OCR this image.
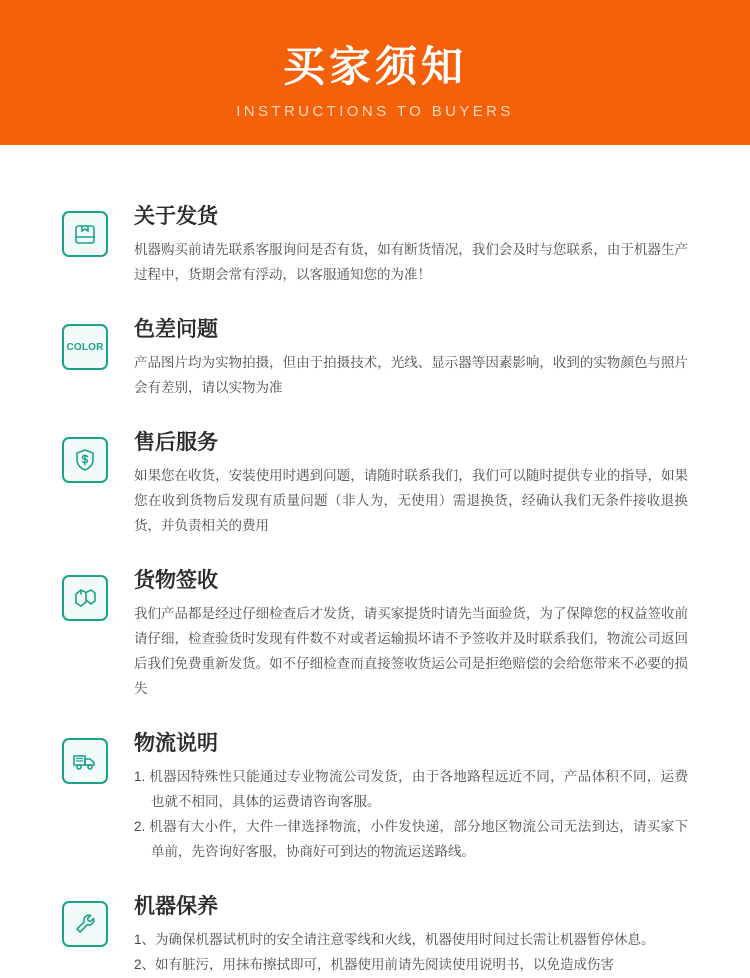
买家须知
INSTRUCTIONS TO BUYERS
关于发货
机器购买前请先联系客服询问是否有货，如有断货情况，我们会及时与您联系，由于机器生产过程中，货期会常有浮动，以客服通知您的为准！
COLOR
色差问题
产品图片均为实物拍摄，但由于拍摄技术，光线、显示器等因素影响，收到的实物颜色与照片会有差别，请以实物为准
售后服务
如果您在收货，安装使用时遇到问题，请随时联系我们，我们可以随时提供专业的指导，如果您在收到货物后发现有质量问题（非人为，无使用）需退换货，经确认我们无条件接收退换货，并负责相关的费用
货物签收
我们产品都是经过仔细检查后才发货，请买家提货时请先当面验货，为了保障您的权益签收前请仔细，检查验货时发现有件数不对或者运输损坏请不予签收并及时联系我们，物流公司返回后我们免费重新发货。如不仔细检查而直接签收货运公司是拒绝赔偿的会给您带来不必要的损失
物流说明
1. 机器因特殊性只能通过专业物流公司发货，由于各地路程远近不同，产品体积不同，运费也就不相同，具体的运费请咨询客服。
2. 机器有大小件，大件一律选择物流，小件发快递，部分地区物流公司无法到达，请买家下单前，先咨询好客服，协商好可到达的物流运送路线。
机器保养
1、为确保机器试机时的安全请注意零线和火线，机器使用时间过长需让机器暂停休息。
2、如有脏污，用抹布擦拭即可，机器使用前请先阅读使用说明书，以免造成伤害
